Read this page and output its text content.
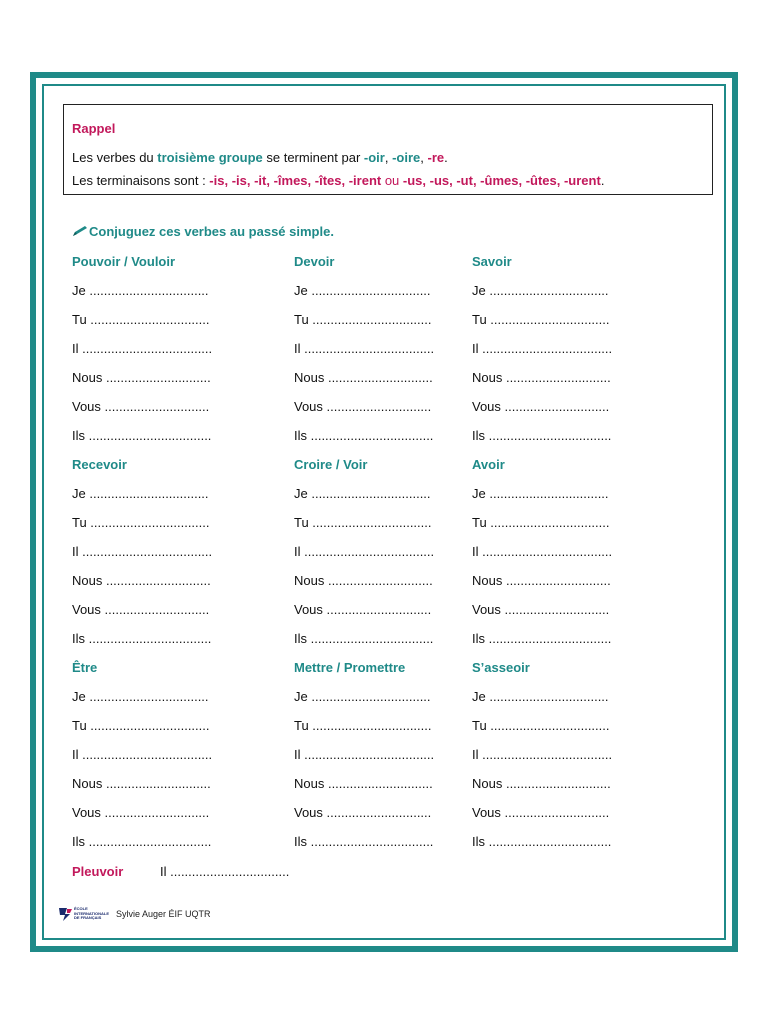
Rappel
Les verbes du troisième groupe se terminent par -oir, -oire, -re.
Les terminaisons sont : -is, -is, -it, -îmes, -îtes, -irent ou -us, -us, -ut, -ûmes, -ûtes, -urent.
Conjuguez ces verbes au passé simple.
Pouvoir / Vouloir
Je .................................
Tu .................................
Il ....................................
Nous .............................
Vous .............................
Ils ..................................
Devoir
Je .................................
Tu .................................
Il ....................................
Nous .............................
Vous .............................
Ils ..................................
Savoir
Je .................................
Tu .................................
Il ....................................
Nous .............................
Vous .............................
Ils ..................................
Recevoir
Je .................................
Tu .................................
Il ....................................
Nous .............................
Vous .............................
Ils ..................................
Croire / Voir
Je .................................
Tu .................................
Il ....................................
Nous .............................
Vous .............................
Ils ..................................
Avoir
Je .................................
Tu .................................
Il ....................................
Nous .............................
Vous .............................
Ils ..................................
Être
Je .................................
Tu .................................
Il ....................................
Nous .............................
Vous .............................
Ils ..................................
Mettre / Promettre
Je .................................
Tu .................................
Il ....................................
Nous .............................
Vous .............................
Ils ..................................
S’asseoir
Je .................................
Tu .................................
Il ....................................
Nous .............................
Vous .............................
Ils ..................................
Pleuvoir	Il .................................
ÉCOLE
INTERNATIONALE
DE FRANÇAIS	Sylvie Auger ÉIF UQTR
